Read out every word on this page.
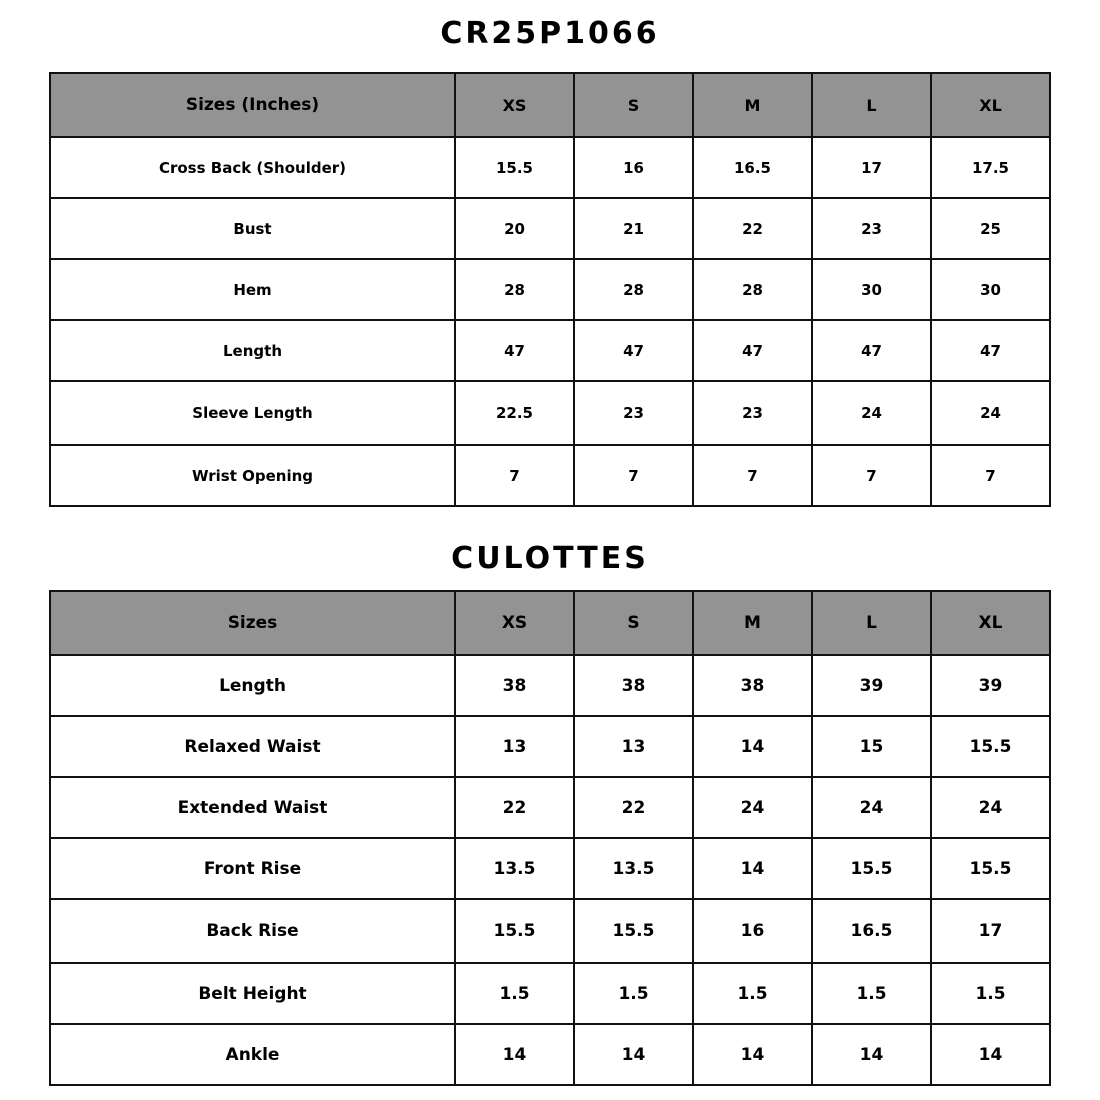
CR25P1066
Sizes (Inches)	XS	S	M	L	XL
Cross Back (Shoulder)	15.5	16	16.5	17	17.5
Bust	20	21	22	23	25
Hem	28	28	28	30	30
Length	47	47	47	47	47
Sleeve Length	22.5	23	23	24	24
Wrist Opening	7	7	7	7	7
CULOTTES
Sizes	XS	S	M	L	XL
Length	38	38	38	39	39
Relaxed Waist	13	13	14	15	15.5
Extended Waist	22	22	24	24	24
Front Rise	13.5	13.5	14	15.5	15.5
Back Rise	15.5	15.5	16	16.5	17
Belt Height	1.5	1.5	1.5	1.5	1.5
Ankle	14	14	14	14	14
